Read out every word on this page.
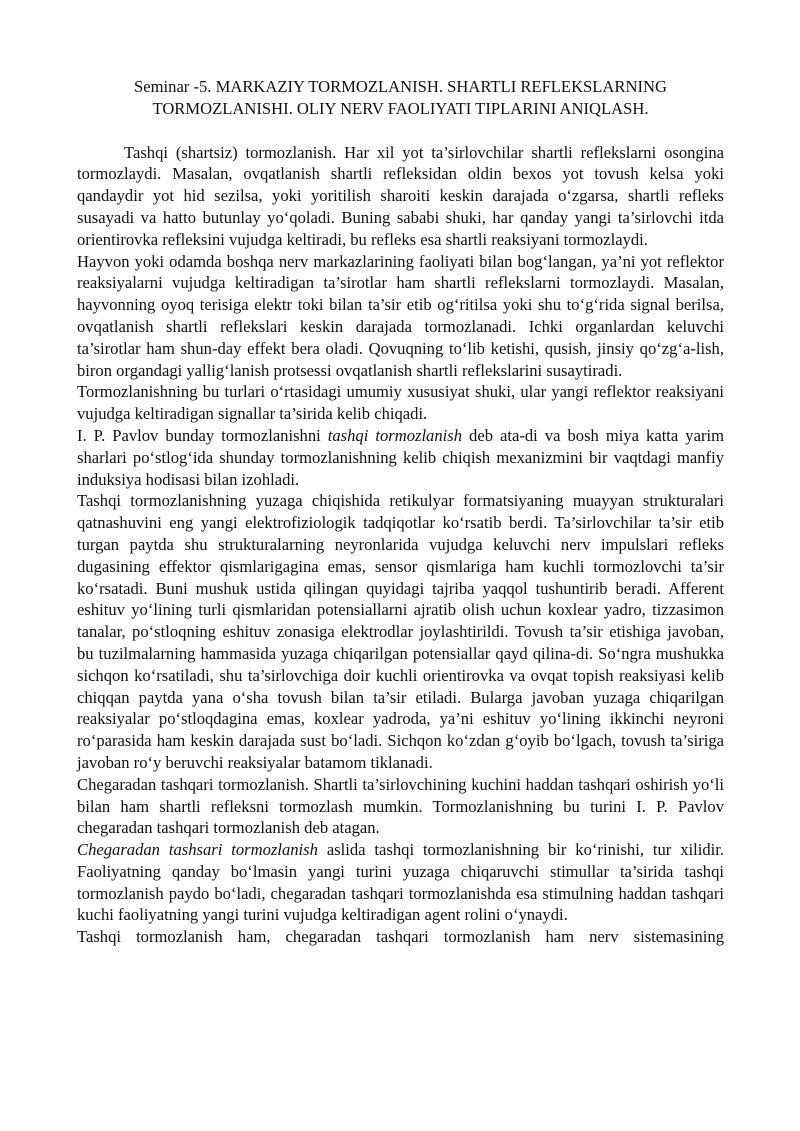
Seminar -5. MARKAZIY TORMOZLANISH. SHARTLI REFLEKSLARNING
TORMOZLANISHI. OLIY NERV FAOLIYATI TIPLARINI ANIQLASH.

Tashqi (shartsiz) tormozlanish. Har xil yot ta’sirlovchilar shartli reflekslarni osongina tormozlaydi. Masalan, ovqatlanish shartli refleksidan oldin bexos yot tovush kelsa yoki qandaydir yot hid sezilsa, yoki yoritilish sharoiti keskin darajada o‘zgarsa, shartli refleks susayadi va hatto butunlay yo‘qoladi. Buning sababi shuki, har qanday yangi ta’sirlovchi itda orientirovka refleksini vujudga keltiradi, bu refleks esa shartli reaksiyani tormozlaydi.

Hayvon yoki odamda boshqa nerv markazlarining faoliyati bilan bog‘langan, ya’ni yot reflektor reaksiyalarni vujudga keltiradigan ta’sirotlar ham shartli reflekslarni tormozlaydi. Masalan, hayvonning oyoq terisiga elektr toki bilan ta’sir etib og‘ritilsa yoki shu to‘g‘rida signal berilsa, ovqatlanish shartli reflekslari keskin darajada tormozlanadi. Ichki organlardan keluvchi ta’sirotlar ham shun-day effekt bera oladi. Qovuqning to‘lib ketishi, qusish, jinsiy qo‘zg‘a-lish, biron organdagi yallig‘lanish protsessi ovqatlanish shartli reflekslarini susaytiradi.

Tormozlanishning bu turlari o‘rtasidagi umumiy xususiyat shuki, ular yangi reflektor reaksiyani vujudga keltiradigan signallar ta’sirida kelib chiqadi.

I. P. Pavlov bunday tormozlanishni tashqi tormozlanish deb ata-di va bosh miya katta yarim sharlari po‘stlog‘ida shunday tormozlanishning kelib chiqish mexanizmini bir vaqtdagi manfiy induksiya hodisasi bilan izohladi.

Tashqi tormozlanishning yuzaga chiqishida retikulyar formatsiyaning muayyan strukturalari qatnashuvini eng yangi elektrofiziologik tadqiqotlar ko‘rsatib berdi. Ta’sirlovchilar ta’sir etib turgan paytda shu strukturalarning neyronlarida vujudga keluvchi nerv impulslari refleks dugasining effektor qismlarigagina emas, sensor qismlariga ham kuchli tormozlovchi ta’sir ko‘rsatadi. Buni mushuk ustida qilingan quyidagi tajriba yaqqol tushuntirib beradi. Afferent eshituv yo‘lining turli qismlaridan potensiallarni ajratib olish uchun koxlear yadro, tizzasimon tanalar, po‘stloqning eshituv zonasiga elektrodlar joylashtirildi. Tovush ta’sir etishiga javoban, bu tuzilmalarning hammasida yuzaga chiqarilgan potensiallar qayd qilina-di. So‘ngra mushukka sichqon ko‘rsatiladi, shu ta’sirlovchiga doir kuchli orientirovka va ovqat topish reaksiyasi kelib chiqqan paytda yana o‘sha tovush bilan ta’sir etiladi. Bularga javoban yuzaga chiqarilgan reaksiyalar po‘stloqdagina emas, koxlear yadroda, ya’ni eshituv yo‘lining ikkinchi neyroni ro‘parasida ham keskin darajada sust bo‘ladi. Sichqon ko‘zdan g‘oyib bo‘lgach, tovush ta’siriga javoban ro‘y beruvchi reaksiyalar batamom tiklanadi.

Chegaradan tashqari tormozlanish. Shartli ta’sirlovchining kuchini haddan tashqari oshirish yo‘li bilan ham shartli refleksni tormozlash mumkin. Tormozlanishning bu turini I. P. Pavlov chegaradan tashqari tormozlanish deb atagan.

Chegaradan tashsari tormozlanish aslida tashqi tormozlanishning bir ko‘rinishi, tur xilidir. Faoliyatning qanday bo‘lmasin yangi turini yuzaga chiqaruvchi stimullar ta’sirida tashqi tormozlanish paydo bo‘ladi, chegaradan tashqari tormozlanishda esa stimulning haddan tashqari kuchi faoliyatning yangi turini vujudga keltiradigan agent rolini o‘ynaydi.

Tashqi tormozlanish ham, chegaradan tashqari tormozlanish ham nerv sistemasining
